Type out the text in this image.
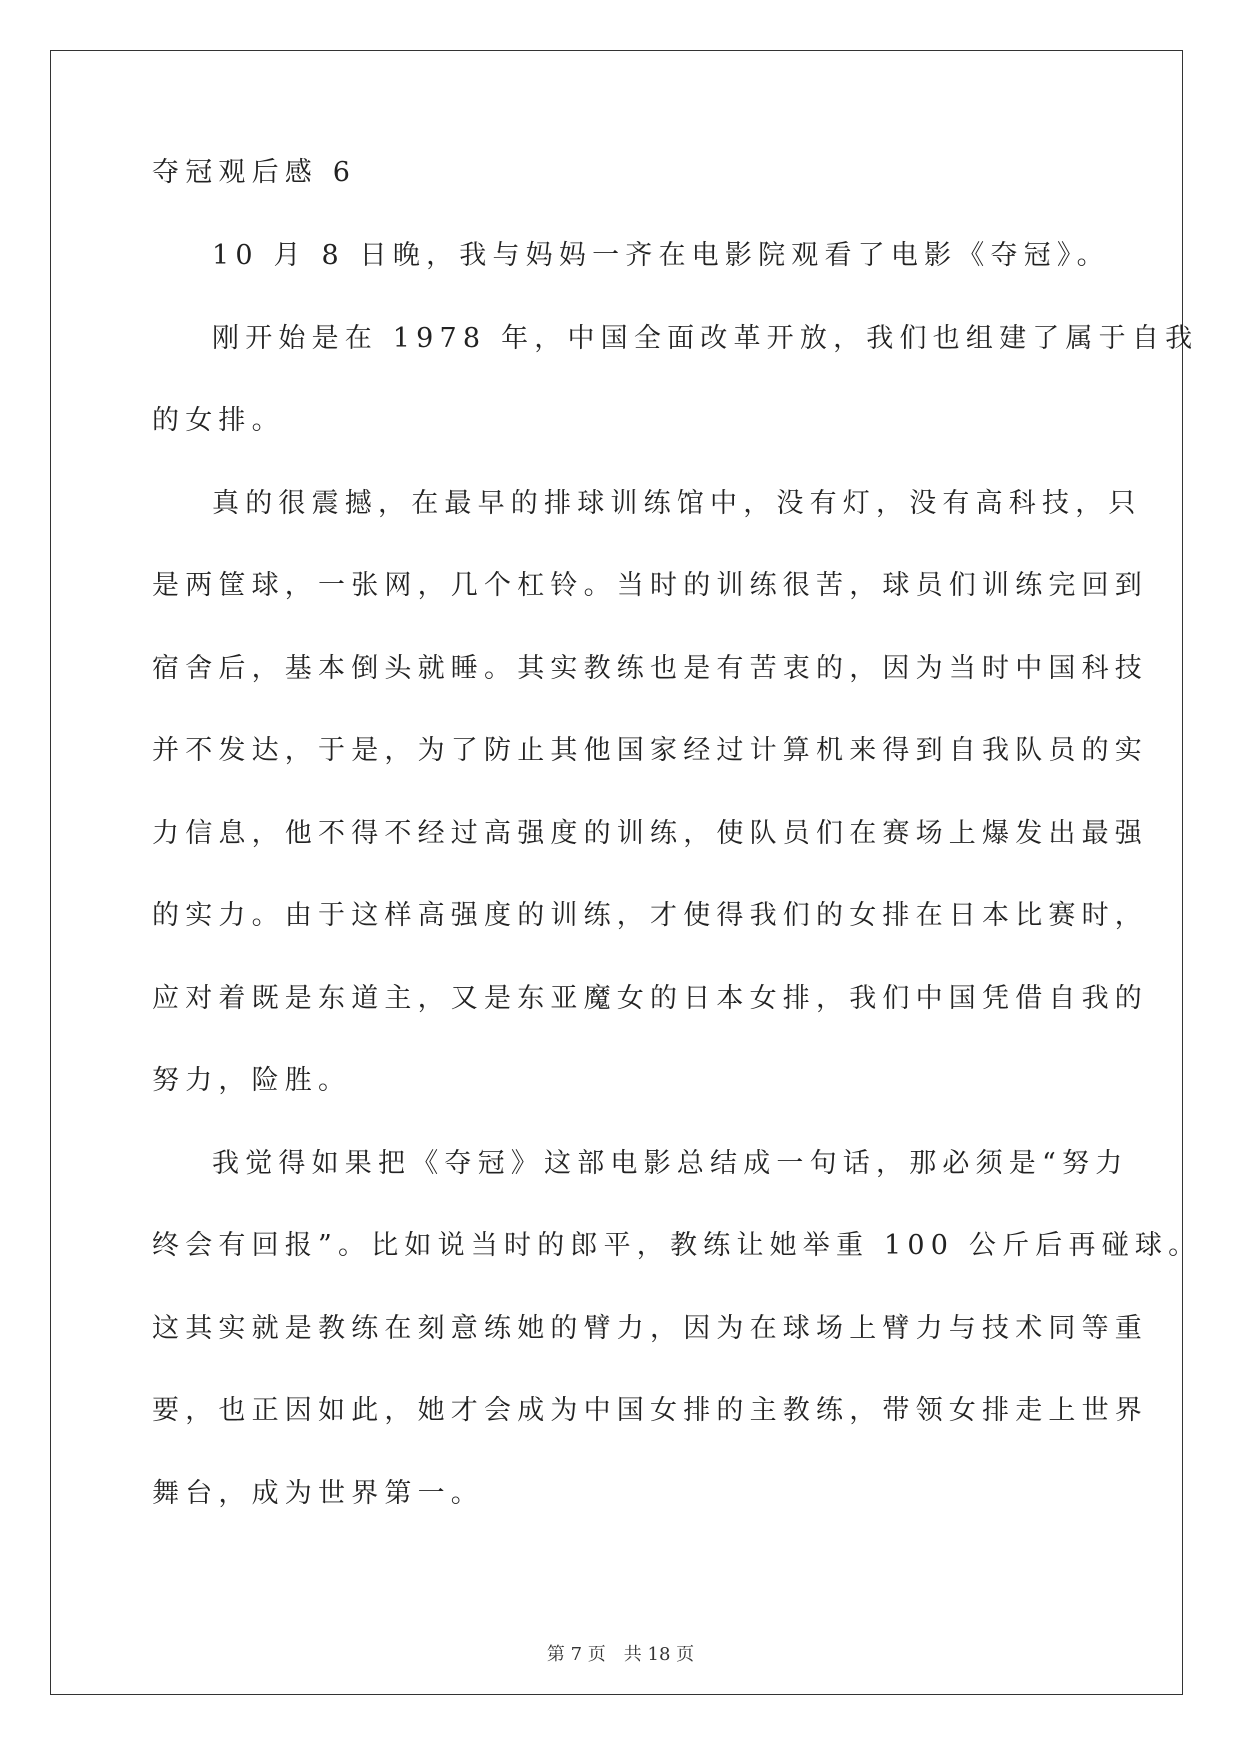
夺冠观后感 6
10 月 8 日晚，我与妈妈一齐在电影院观看了电影《夺冠》。
刚开始是在 1978 年，中国全面改革开放，我们也组建了属于自我
的女排。
真的很震撼，在最早的排球训练馆中，没有灯，没有高科技，只
是两筐球，一张网，几个杠铃。当时的训练很苦，球员们训练完回到
宿舍后，基本倒头就睡。其实教练也是有苦衷的，因为当时中国科技
并不发达，于是，为了防止其他国家经过计算机来得到自我队员的实
力信息，他不得不经过高强度的训练，使队员们在赛场上爆发出最强
的实力。由于这样高强度的训练，才使得我们的女排在日本比赛时，
应对着既是东道主，又是东亚魔女的日本女排，我们中国凭借自我的
努力，险胜。
我觉得如果把《夺冠》这部电影总结成一句话，那必须是“努力
终会有回报”。比如说当时的郎平，教练让她举重 100 公斤后再碰球。
这其实就是教练在刻意练她的臂力，因为在球场上臂力与技术同等重
要，也正因如此，她才会成为中国女排的主教练，带领女排走上世界
舞台，成为世界第一。
第 7 页 共 18 页
